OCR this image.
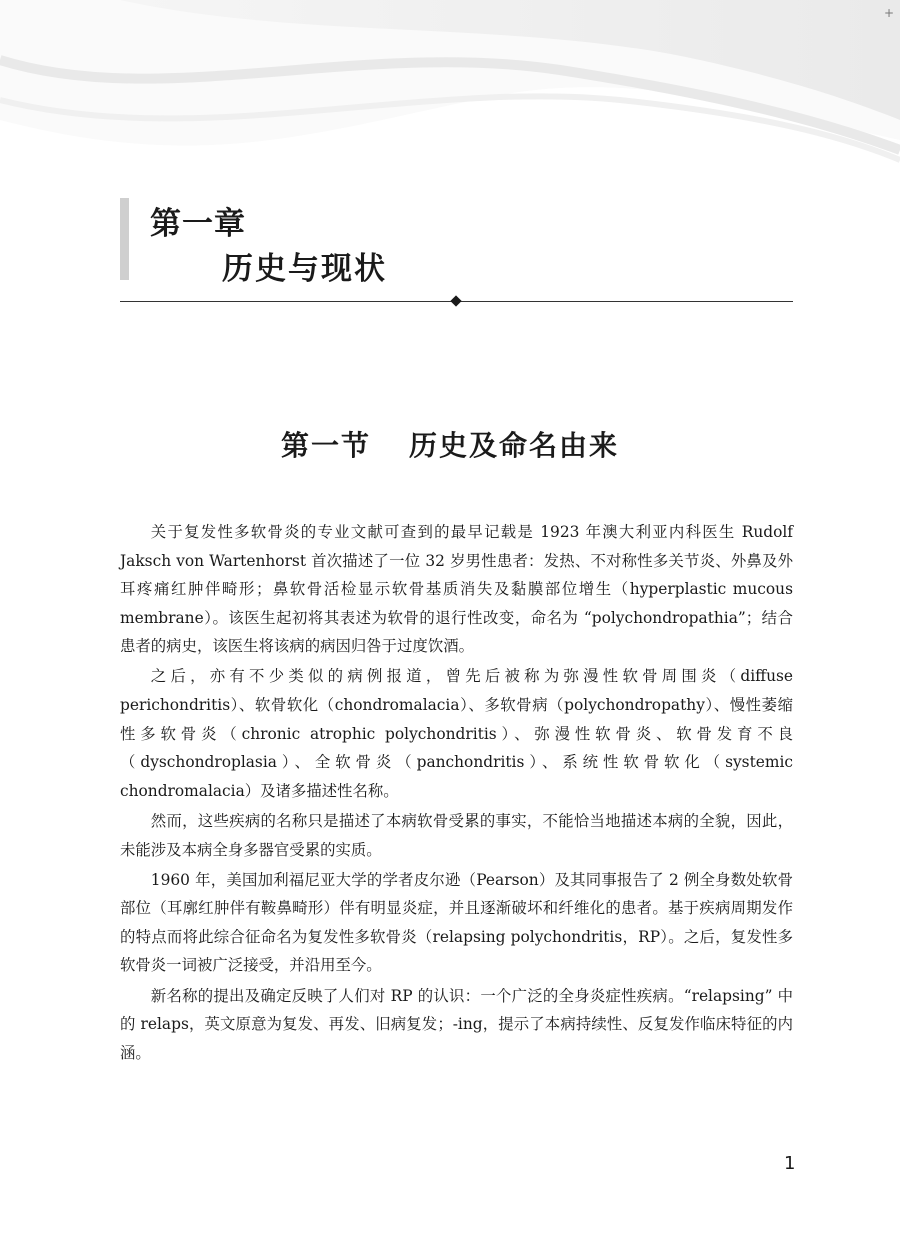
+
第一章
历史与现状
第一节 历史及命名由来

关于复发性多软骨炎的专业文献可查到的最早记载是 1923 年澳大利亚内科医生 Rudolf Jaksch von Wartenhorst 首次描述了一位 32 岁男性患者：发热、不对称性多关节炎、外鼻及外耳疼痛红肿伴畸形；鼻软骨活检显示软骨基质消失及黏膜部位增生（hyperplastic mucous membrane）。该医生起初将其表述为软骨的退行性改变，命名为 “polychondropathia”；结合患者的病史，该医生将该病的病因归咎于过度饮酒。

之后，亦有不少类似的病例报道，曾先后被称为弥漫性软骨周围炎（diffuse perichondritis）、软骨软化（chondromalacia）、多软骨病（polychondropathy）、慢性萎缩性多软骨炎（chronic atrophic polychondritis）、弥漫性软骨炎、软骨发育不良（dyschondroplasia）、全软骨炎（panchondritis）、系统性软骨软化（systemic chondromalacia）及诸多描述性名称。

然而，这些疾病的名称只是描述了本病软骨受累的事实，不能恰当地描述本病的全貌，因此，未能涉及本病全身多器官受累的实质。

1960 年，美国加利福尼亚大学的学者皮尔逊（Pearson）及其同事报告了 2 例全身数处软骨部位（耳廓红肿伴有鞍鼻畸形）伴有明显炎症，并且逐渐破坏和纤维化的患者。基于疾病周期发作的特点而将此综合征命名为复发性多软骨炎（relapsing polychondritis，RP）。之后，复发性多软骨炎一词被广泛接受，并沿用至今。

新名称的提出及确定反映了人们对 RP 的认识：一个广泛的全身炎症性疾病。“relapsing” 中的 relaps，英文原意为复发、再发、旧病复发；-ing，提示了本病持续性、反复发作临床特征的内涵。

1
